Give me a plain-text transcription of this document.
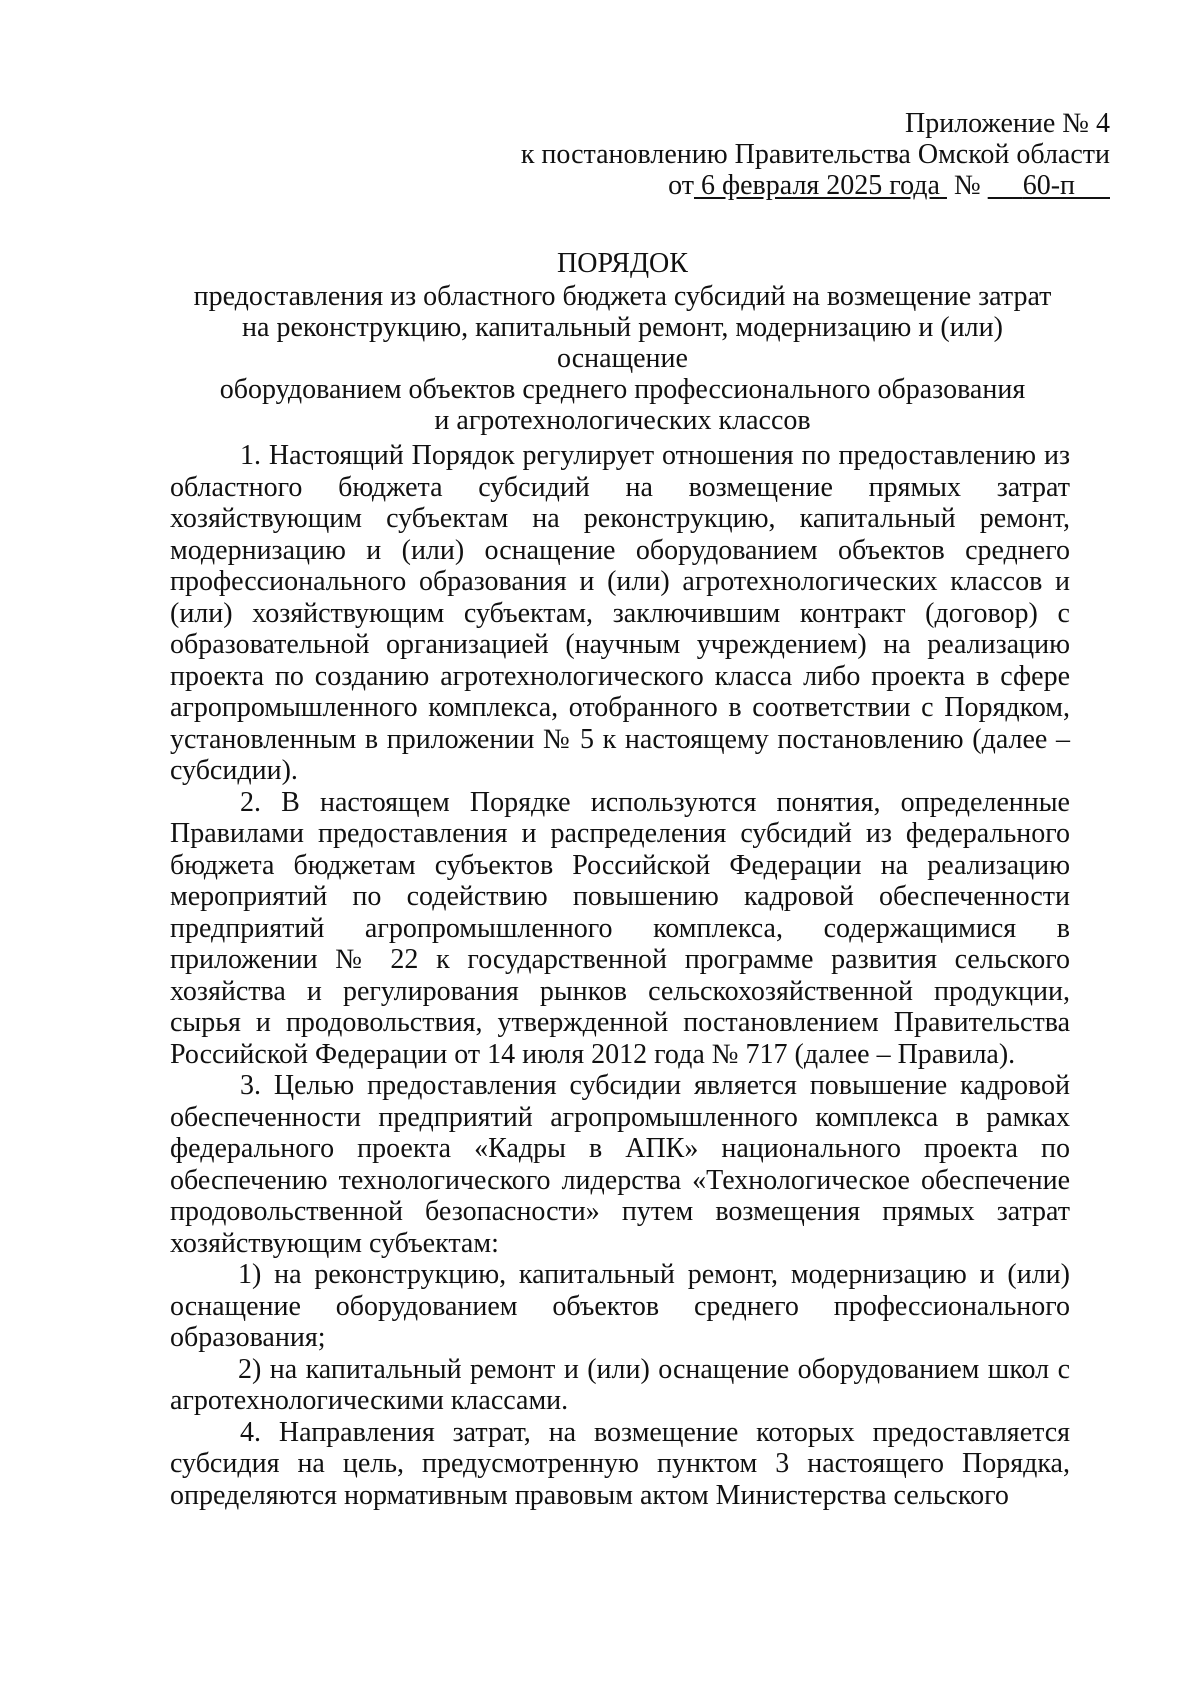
Приложение № 4
к постановлению Правительства Омской области
от 6 февраля 2025 года № 60-п
ПОРЯДОК
предоставления из областного бюджета субсидий на возмещение затрат
на реконструкцию, капитальный ремонт, модернизацию и (или) оснащение
оборудованием объектов среднего профессионального образования
и агротехнологических классов

1. Настоящий Порядок регулирует отношения по предоставлению из областного бюджета субсидий на возмещение прямых затрат хозяйствующим субъектам на реконструкцию, капитальный ремонт, модернизацию и (или) оснащение оборудованием объектов среднего профессионального образования и (или) агротехнологических классов и (или) хозяйствующим субъектам, заключившим контракт (договор) с образовательной организацией (научным учреждением) на реализацию проекта по созданию агротехнологического класса либо проекта в сфере агропромышленного комплекса, отобранного в соответствии с Порядком, установленным в приложении № 5 к настоящему постановлению (далее – субсидии).

2. В настоящем Порядке используются понятия, определенные Правилами предоставления и распределения субсидий из федерального бюджета бюджетам субъектов Российской Федерации на реализацию мероприятий по содействию повышению кадровой обеспеченности предприятий агропромышленного комплекса, содержащимися в приложении № 22 к государственной программе развития сельского хозяйства и регулирования рынков сельскохозяйственной продукции, сырья и продовольствия, утвержденной постановлением Правительства Российской Федерации от 14 июля 2012 года № 717 (далее – Правила).

3. Целью предоставления субсидии является повышение кадровой обеспеченности предприятий агропромышленного комплекса в рамках федерального проекта «Кадры в АПК» национального проекта по обеспечению технологического лидерства «Технологическое обеспечение продовольственной безопасности» путем возмещения прямых затрат хозяйствующим субъектам:

1) на реконструкцию, капитальный ремонт, модернизацию и (или) оснащение оборудованием объектов среднего профессионального образования;

2) на капитальный ремонт и (или) оснащение оборудованием школ с агротехнологическими классами.

4. Направления затрат, на возмещение которых предоставляется субсидия на цель, предусмотренную пунктом 3 настоящего Порядка, определяются нормативным правовым актом Министерства сельского
